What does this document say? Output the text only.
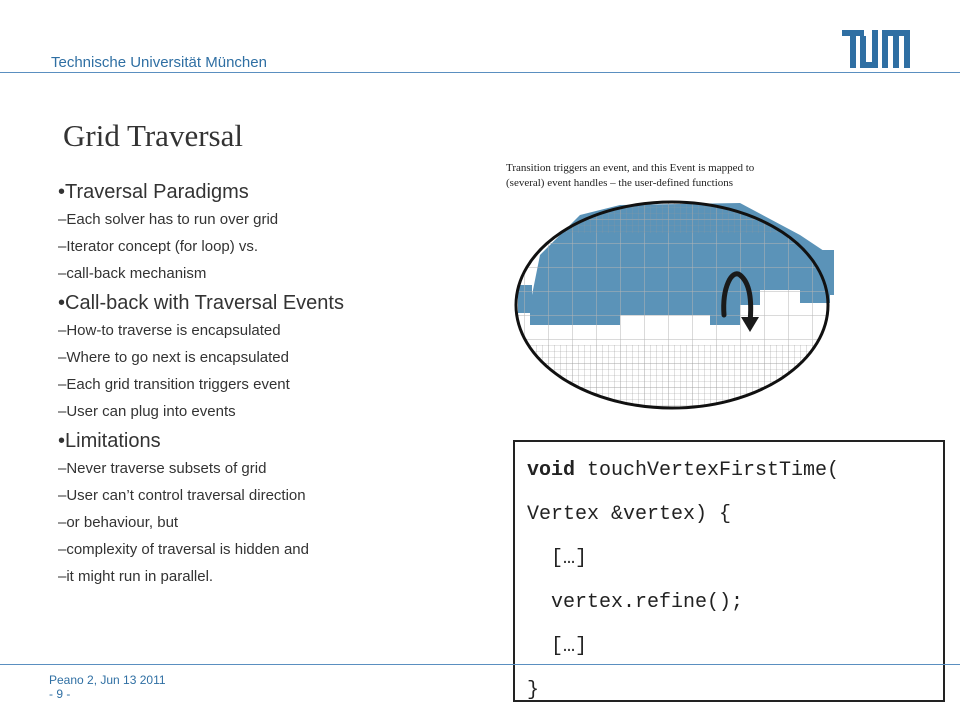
Technische Universität München
Grid Traversal
•Traversal Paradigms
–Each solver has to run over grid
–Iterator concept (for loop) vs.
–call-back mechanism
•Call-back with Traversal Events
–How-to traverse is encapsulated
–Where to go next is encapsulated
–Each grid transition triggers event
–User can plug into events
•Limitations
–Never traverse subsets of grid
–User can’t control traversal direction
–or behaviour, but
–complexity of traversal is hidden and
–it might run in parallel.
Transition triggers an event, and this Event is mapped to
(several) event handles – the user-defined functions
void touchVertexFirstTime(
Vertex &vertex) {
[…]
vertex.refine();
[…]
}
Peano 2, Jun 13 2011
- 9 -
